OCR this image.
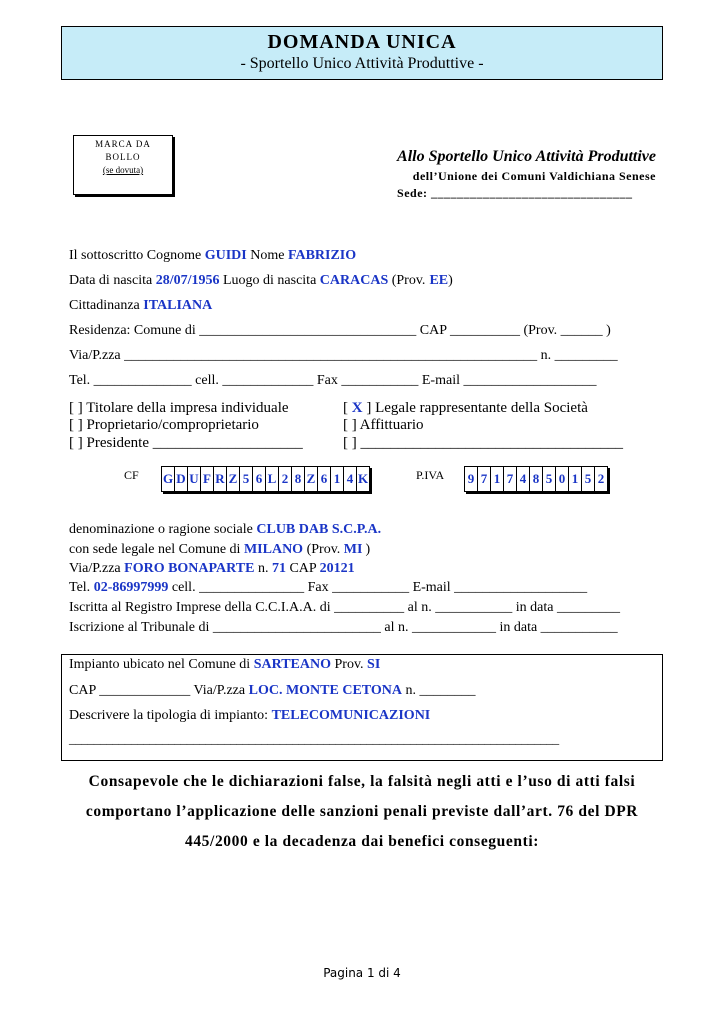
DOMANDA UNICA
- Sportello Unico Attività Produttive -
MARCA DA
BOLLO
(se dovuta)
Allo Sportello Unico Attività Produttive
dell’Unione dei Comuni Valdichiana Senese
Sede: _______________________________
Il sottoscritto Cognome GUIDI Nome FABRIZIO
Data di nascita 28/07/1956 Luogo di nascita CARACAS (Prov. EE)
Cittadinanza ITALIANA
Residenza: Comune di _______________________________ CAP __________ (Prov. ______ )
Via/P.zza ___________________________________________________________ n. _________
Tel. ______________ cell. _____________ Fax ___________ E-mail ___________________
[ ] Titolare della impresa individuale
[ ] Proprietario/comproprietario
[ ] Presidente ____________________
[ X ] Legale rappresentante della Società
[ ] Affittuario
[ ] ___________________________________
CF G D U F R Z 5 6 L 2 8 Z 6 1 4 K	P.IVA 9 7 1 7 4 8 5 0 1 5 2
denominazione o ragione sociale CLUB DAB S.C.P.A.
con sede legale nel Comune di MILANO (Prov. MI )
Via/P.zza FORO BONAPARTE n. 71 CAP 20121
Tel. 02-86997999 cell. _______________ Fax ___________ E-mail ___________________
Iscritta al Registro Imprese della C.C.I.A.A. di __________ al n. ___________ in data _________
Iscrizione al Tribunale di ________________________ al n. ____________ in data ___________
Impianto ubicato nel Comune di SARTEANO Prov. SI
CAP _____________ Via/P.zza LOC. MONTE CETONA n. ________
Descrivere la tipologia di impianto: TELECOMUNICAZIONI
_______________________________________________________________________________
Consapevole che le dichiarazioni false, la falsità negli atti e l’uso di atti falsi
comportano l’applicazione delle sanzioni penali previste dall’art. 76 del DPR
445/2000 e la decadenza dai benefici conseguenti:
Pagina 1 di 4
